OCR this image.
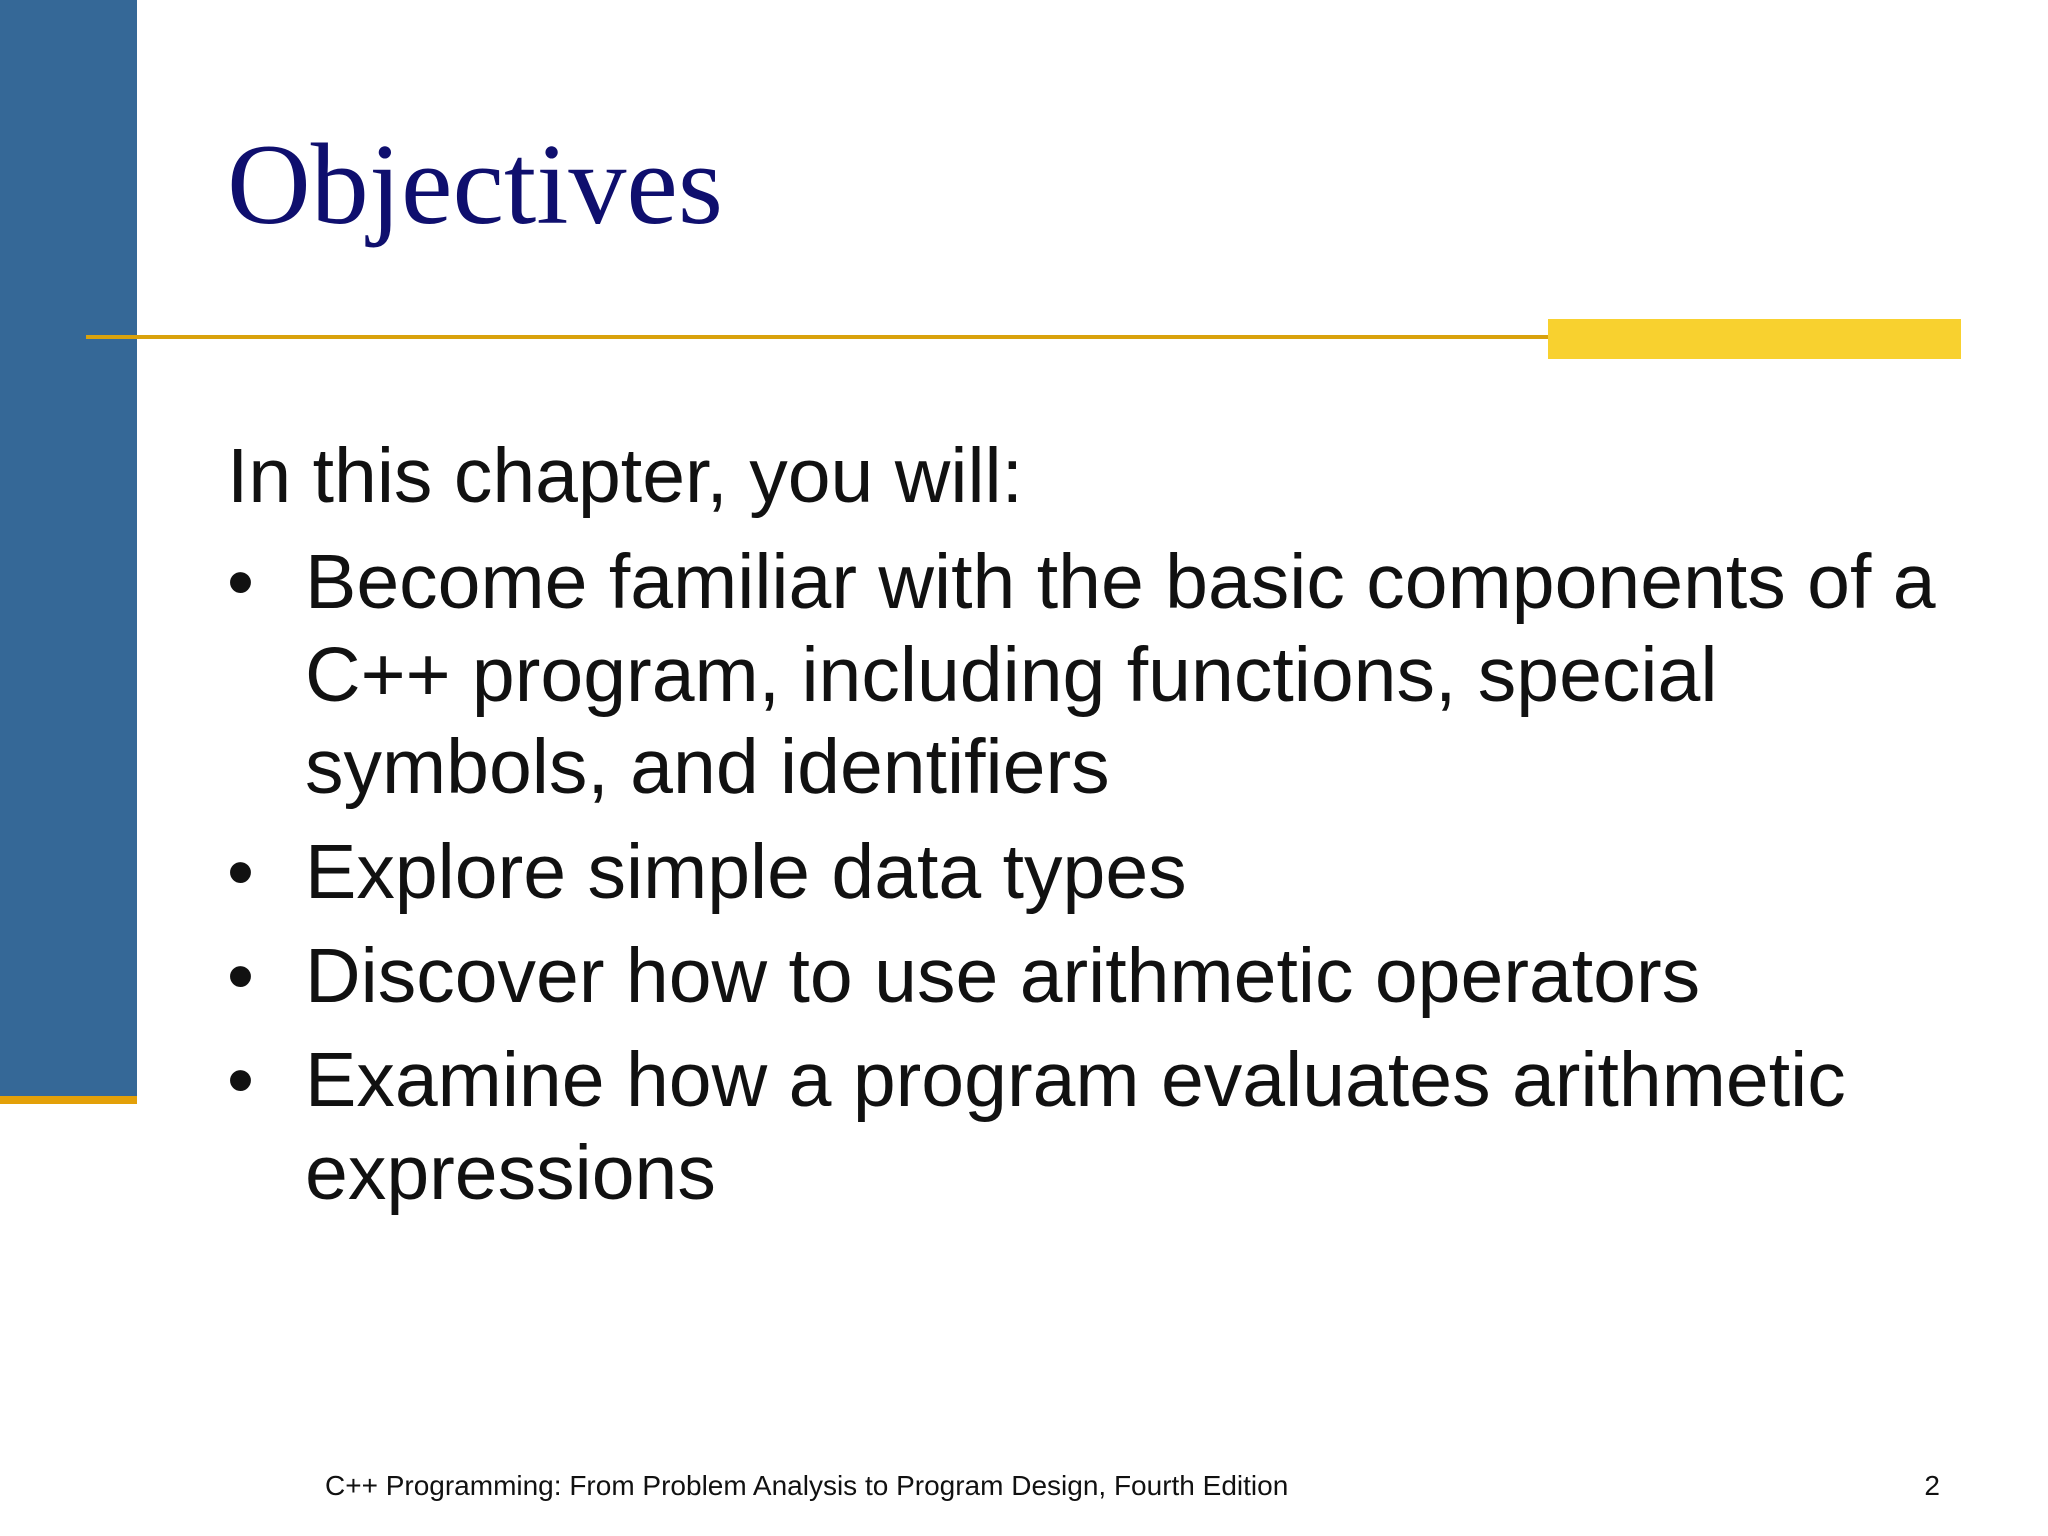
Objectives

In this chapter, you will:

• Become familiar with the basic components of a C++ program, including functions, special symbols, and identifiers
• Explore simple data types
• Discover how to use arithmetic operators
• Examine how a program evaluates arithmetic expressions

C++ Programming: From Problem Analysis to Program Design, Fourth Edition	2
